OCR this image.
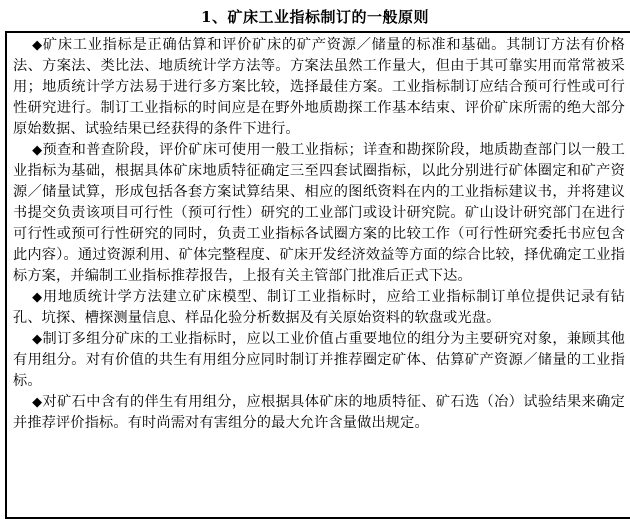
1、矿床工业指标制订的一般原则

◆矿床工业指标是正确估算和评价矿床的矿产资源／储量的标准和基础。其制订方法有价格法、方案法、类比法、地质统计学方法等。方案法虽然工作量大，但由于其可靠实用而常常被采用；地质统计学方法易于进行多方案比较，选择最佳方案。工业指标制订应结合预可行性或可行性研究进行。制订工业指标的时间应是在野外地质勘探工作基本结束、评价矿床所需的绝大部分原始数据、试验结果已经获得的条件下进行。

◆预查和普查阶段，评价矿床可使用一般工业指标；详查和勘探阶段，地质勘查部门以一般工业指标为基础，根据具体矿床地质特征确定三至四套试圈指标，以此分别进行矿体圈定和矿产资源／储量试算，形成包括各套方案试算结果、相应的图纸资料在内的工业指标建议书，并将建议书提交负责该项目可行性（预可行性）研究的工业部门或设计研究院。矿山设计研究部门在进行可行性或预可行性研究的同时，负责工业指标各试圈方案的比较工作（可行性研究委托书应包含此内容）。通过资源利用、矿体完整程度、矿床开发经济效益等方面的综合比较，择优确定工业指标方案，并编制工业指标推荐报告，上报有关主管部门批准后正式下达。

◆用地质统计学方法建立矿床模型、制订工业指标时，应给工业指标制订单位提供记录有钻孔、坑探、槽探测量信息、样品化验分析数据及有关原始资料的软盘或光盘。

◆制订多组分矿床的工业指标时，应以工业价值占重要地位的组分为主要研究对象，兼顾其他有用组分。对有价值的共生有用组分应同时制订并推荐圈定矿体、估算矿产资源／储量的工业指标。

◆对矿石中含有的伴生有用组分，应根据具体矿床的地质特征、矿石选（冶）试验结果来确定并推荐评价指标。有时尚需对有害组分的最大允许含量做出规定。
